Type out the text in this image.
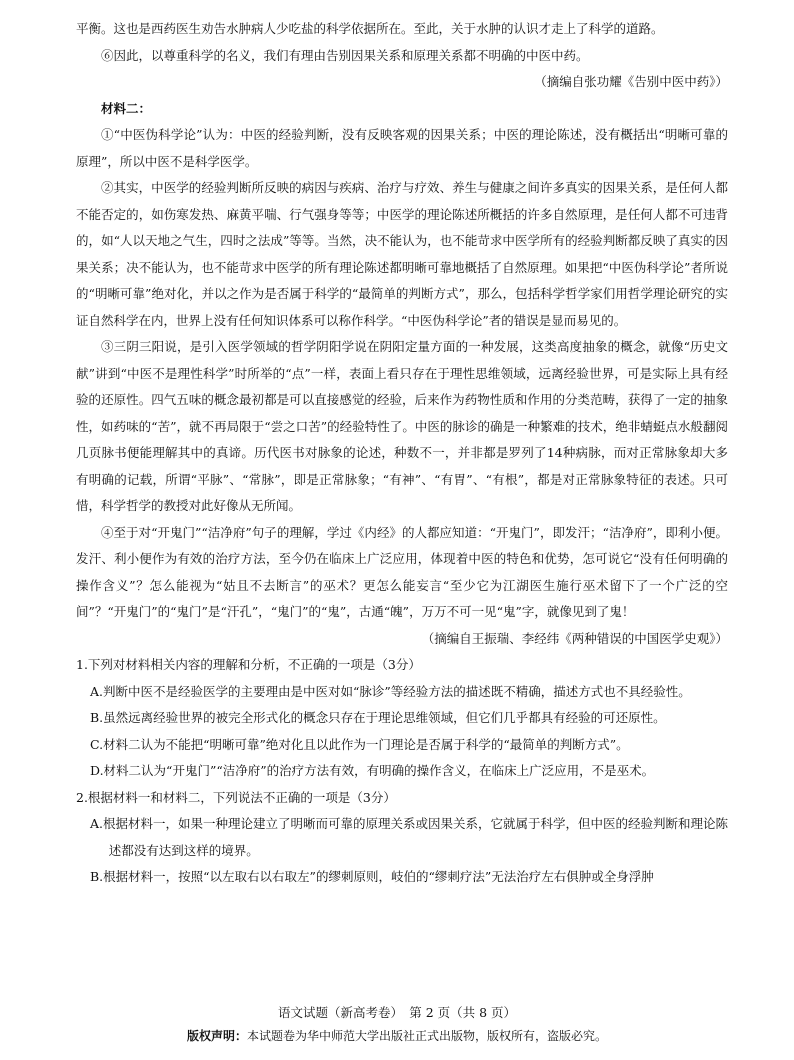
平衡。这也是西药医生劝告水肿病人少吃盐的科学依据所在。至此，关于水肿的认识才走上了科学的道路。

⑥因此，以尊重科学的名义，我们有理由告别因果关系和原理关系都不明确的中医中药。

（摘编自张功耀《告别中医中药》）

材料二：

①“中医伪科学论”认为：中医的经验判断，没有反映客观的因果关系；中医的理论陈述，没有概括出“明晰可靠的原理”，所以中医不是科学医学。

②其实，中医学的经验判断所反映的病因与疾病、治疗与疗效、养生与健康之间许多真实的因果关系，是任何人都不能否定的，如伤寒发热、麻黄平喘、行气强身等等；中医学的理论陈述所概括的许多自然原理，是任何人都不可违背的，如“人以天地之气生，四时之法成”等等。当然，决不能认为，也不能苛求中医学所有的经验判断都反映了真实的因果关系；决不能认为，也不能苛求中医学的所有理论陈述都明晰可靠地概括了自然原理。如果把“中医伪科学论”者所说的“明晰可靠”绝对化，并以之作为是否属于科学的“最简单的判断方式”，那么，包括科学哲学家们用哲学理论研究的实证自然科学在内，世界上没有任何知识体系可以称作科学。“中医伪科学论”者的错误是显而易见的。

③三阴三阳说，是引入医学领域的哲学阴阳学说在阴阳定量方面的一种发展，这类高度抽象的概念，就像“历史文献”讲到“中医不是理性科学”时所举的“点”一样，表面上看只存在于理性思维领域，远离经验世界，可是实际上具有经验的还原性。四气五味的概念最初都是可以直接感觉的经验，后来作为药物性质和作用的分类范畴，获得了一定的抽象性，如药味的“苦”，就不再局限于“尝之口苦”的经验特性了。中医的脉诊的确是一种繁难的技术，绝非蜻蜓点水般翻阅几页脉书便能理解其中的真谛。历代医书对脉象的论述，种数不一，并非都是罗列了14种病脉，而对正常脉象却大多有明确的记载，所谓“平脉”、“常脉”，即是正常脉象；“有神”、“有胃”、“有根”，都是对正常脉象特征的表述。只可惜，科学哲学的教授对此好像从无所闻。

④至于对“开鬼门”“洁净府”句子的理解，学过《内经》的人都应知道：“开鬼门”，即发汗；“洁净府”，即利小便。发汗、利小便作为有效的治疗方法，至今仍在临床上广泛应用，体现着中医的特色和优势，怎可说它“没有任何明确的操作含义”？怎么能视为“姑且不去断言”的巫术？更怎么能妄言“至少它为江湖医生施行巫术留下了一个广泛的空间”？“开鬼门”的“鬼门”是“汗孔”，“鬼门”的“鬼”，古通“魄”，万万不可一见“鬼”字，就像见到了鬼！

（摘编自王振瑞、李经纬《两种错误的中国医学史观》）

1.下列对材料相关内容的理解和分析，不正确的一项是（3分）

A.判断中医不是经验医学的主要理由是中医对如“脉诊”等经验方法的描述既不精确，描述方式也不具经验性。

B.虽然远离经验世界的被完全形式化的概念只存在于理论思维领域，但它们几乎都具有经验的可还原性。

C.材料二认为不能把“明晰可靠”绝对化且以此作为一门理论是否属于科学的“最简单的判断方式”。

D.材料二认为“开鬼门”“洁净府”的治疗方法有效，有明确的操作含义，在临床上广泛应用，不是巫术。

2.根据材料一和材料二，下列说法不正确的一项是（3分）

A.根据材料一，如果一种理论建立了明晰而可靠的原理关系或因果关系，它就属于科学，但中医的经验判断和理论陈述都没有达到这样的境界。

B.根据材料一，按照“以左取右以右取左”的缪刺原则，岐伯的“缪刺疗法”无法治疗左右俱肿或全身浮肿

语文试题（新高考卷）　第 2 页（共 8 页）
版权声明：本试题卷为华中师范大学出版社正式出版物，版权所有，盗版必究。
